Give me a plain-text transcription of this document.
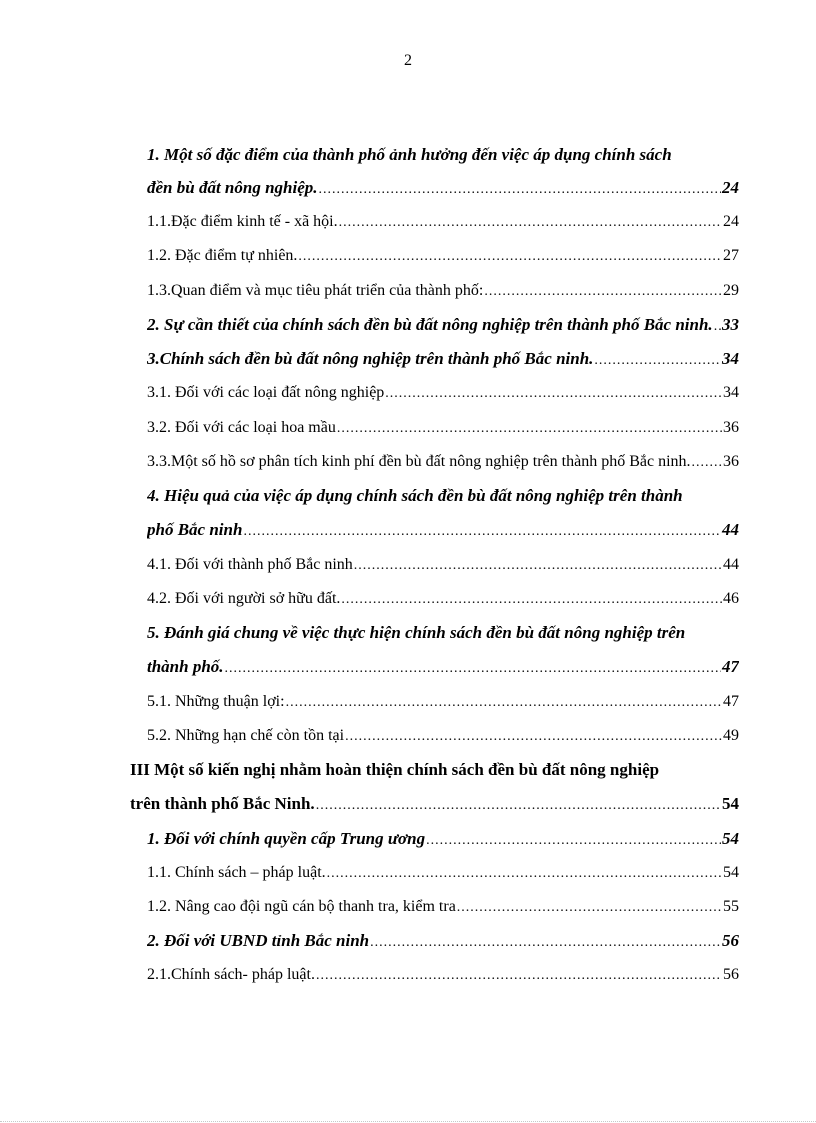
2
1. Một số đặc điểm của thành phố ảnh hưởng đến việc áp dụng chính sách
đền bù đất nông nghiệp. .....	24
1.1.Đặc điểm kinh tế - xã hội. .....	24
1.2. Đặc điểm tự nhiên. .....	27
1.3.Quan điểm và mục tiêu phát triển của thành phố: .....	29
2. Sự cần thiết của chính sách đền bù đất nông nghiệp trên thành phố Bắc ninh. ..... 33
3.Chính sách đền bù đất nông nghiệp trên thành phố Bắc ninh. .....	34
3.1. Đối với các loại đất nông nghiệp .....	34
3.2. Đối với các loại hoa mầu .....	36
3.3.Một số hồ sơ phân tích kinh phí đền bù đất nông nghiệp trên thành phố Bắc ninh. ..... 36
4. Hiệu quả của việc áp dụng chính sách đền bù đất nông nghiệp trên thành
phố Bắc ninh .....	44
4.1. Đối với thành phố Bắc ninh .....	44
4.2. Đối với người sở hữu đất. .....	46
5. Đánh giá chung về việc thực hiện chính sách đền bù đất nông nghiệp trên
thành phố. .....	47
5.1. Những thuận lợi: .....	47
5.2. Những hạn chế còn tồn tại .....	49
III Một số kiến nghị nhằm hoàn thiện chính sách đền bù đất nông nghiệp
trên thành phố Bắc Ninh. .....	54
1. Đối với chính quyền cấp Trung ương .....	54
1.1. Chính sách – pháp luật. .....	54
1.2. Nâng cao đội ngũ cán bộ thanh tra, kiểm tra .....	55
2. Đối với UBND tỉnh Bắc ninh .....	56
2.1.Chính sách- pháp luật. .....	56
